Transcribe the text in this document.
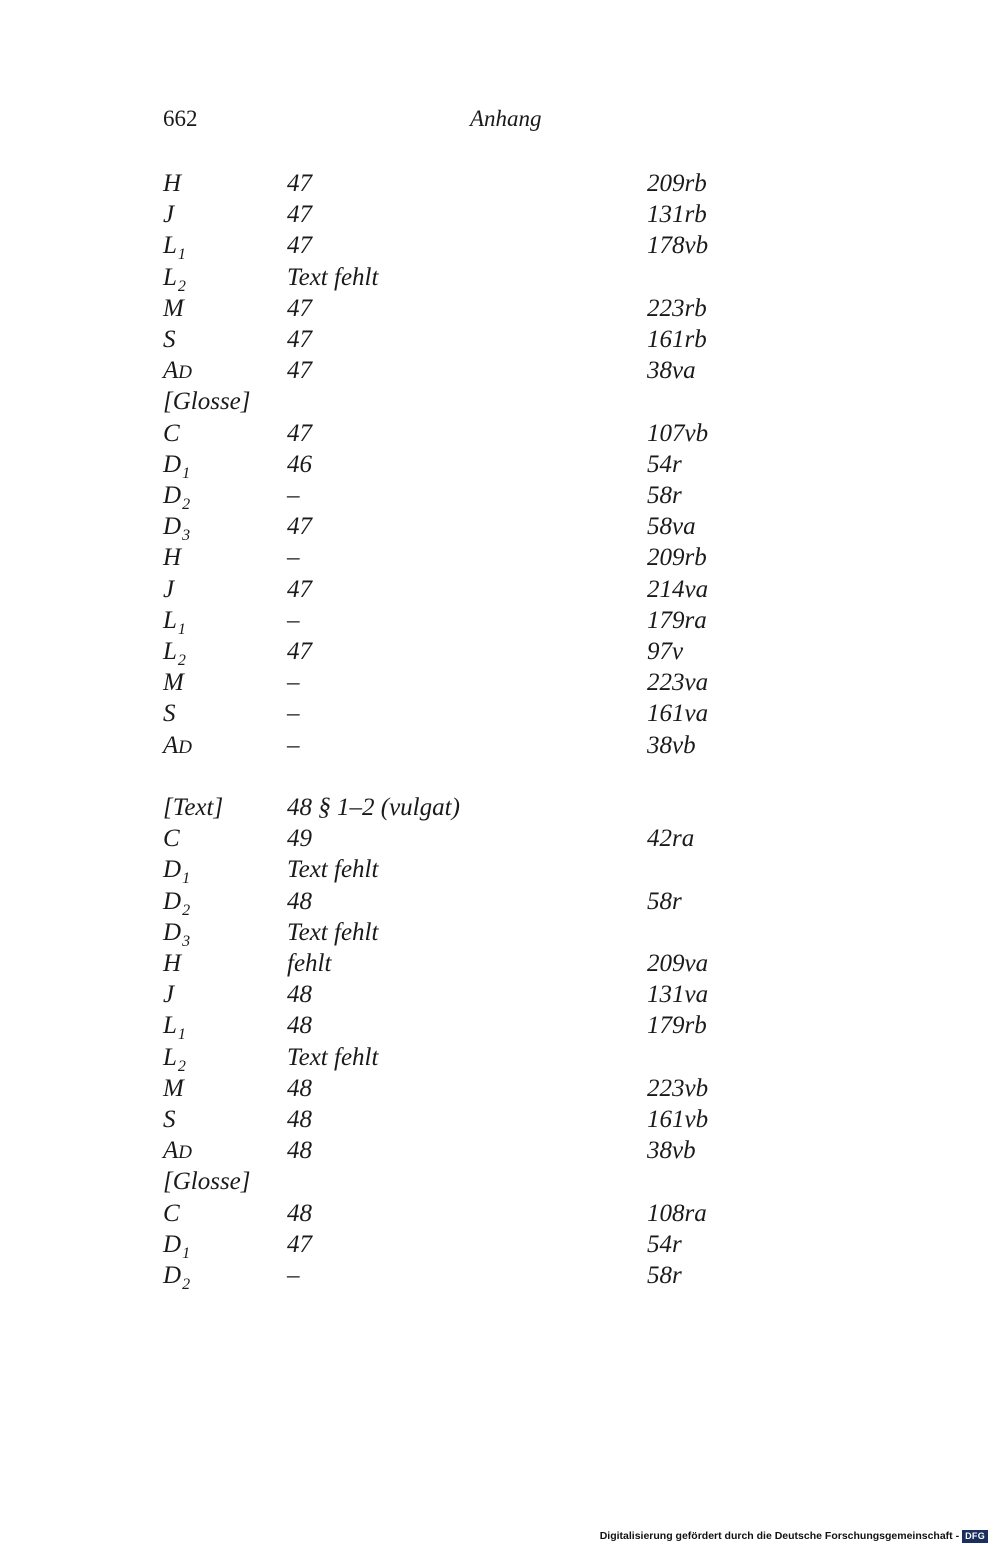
662	Anhang
H	47	209rb
J	47	131rb
$L_1$	47	178vb
$L_2$	Text fehlt
M	47	223rb
S	47	161rb
AD	47	38va
[Glosse]
C	47	107vb
$D_1$	46	54r
$D_2$	–	58r
$D_3$	47	58va
H	–	209rb
J	47	214va
$L_1$	–	179ra
$L_2$	47	97v
M	–	223va
S	–	161va
AD	–	38vb
[Text]	48 § 1–2 (vulgat)
C	49	42ra
$D_1$	Text fehlt
$D_2$	48	58r
$D_3$	Text fehlt
H	fehlt	209va
J	48	131va
$L_1$	48	179rb
$L_2$	Text fehlt
M	48	223vb
S	48	161vb
AD	48	38vb
[Glosse]
C	48	108ra
$D_1$	47	54r
$D_2$	–	58r
Digitalisierung gefördert durch die Deutsche Forschungsgemeinschaft - DFG
